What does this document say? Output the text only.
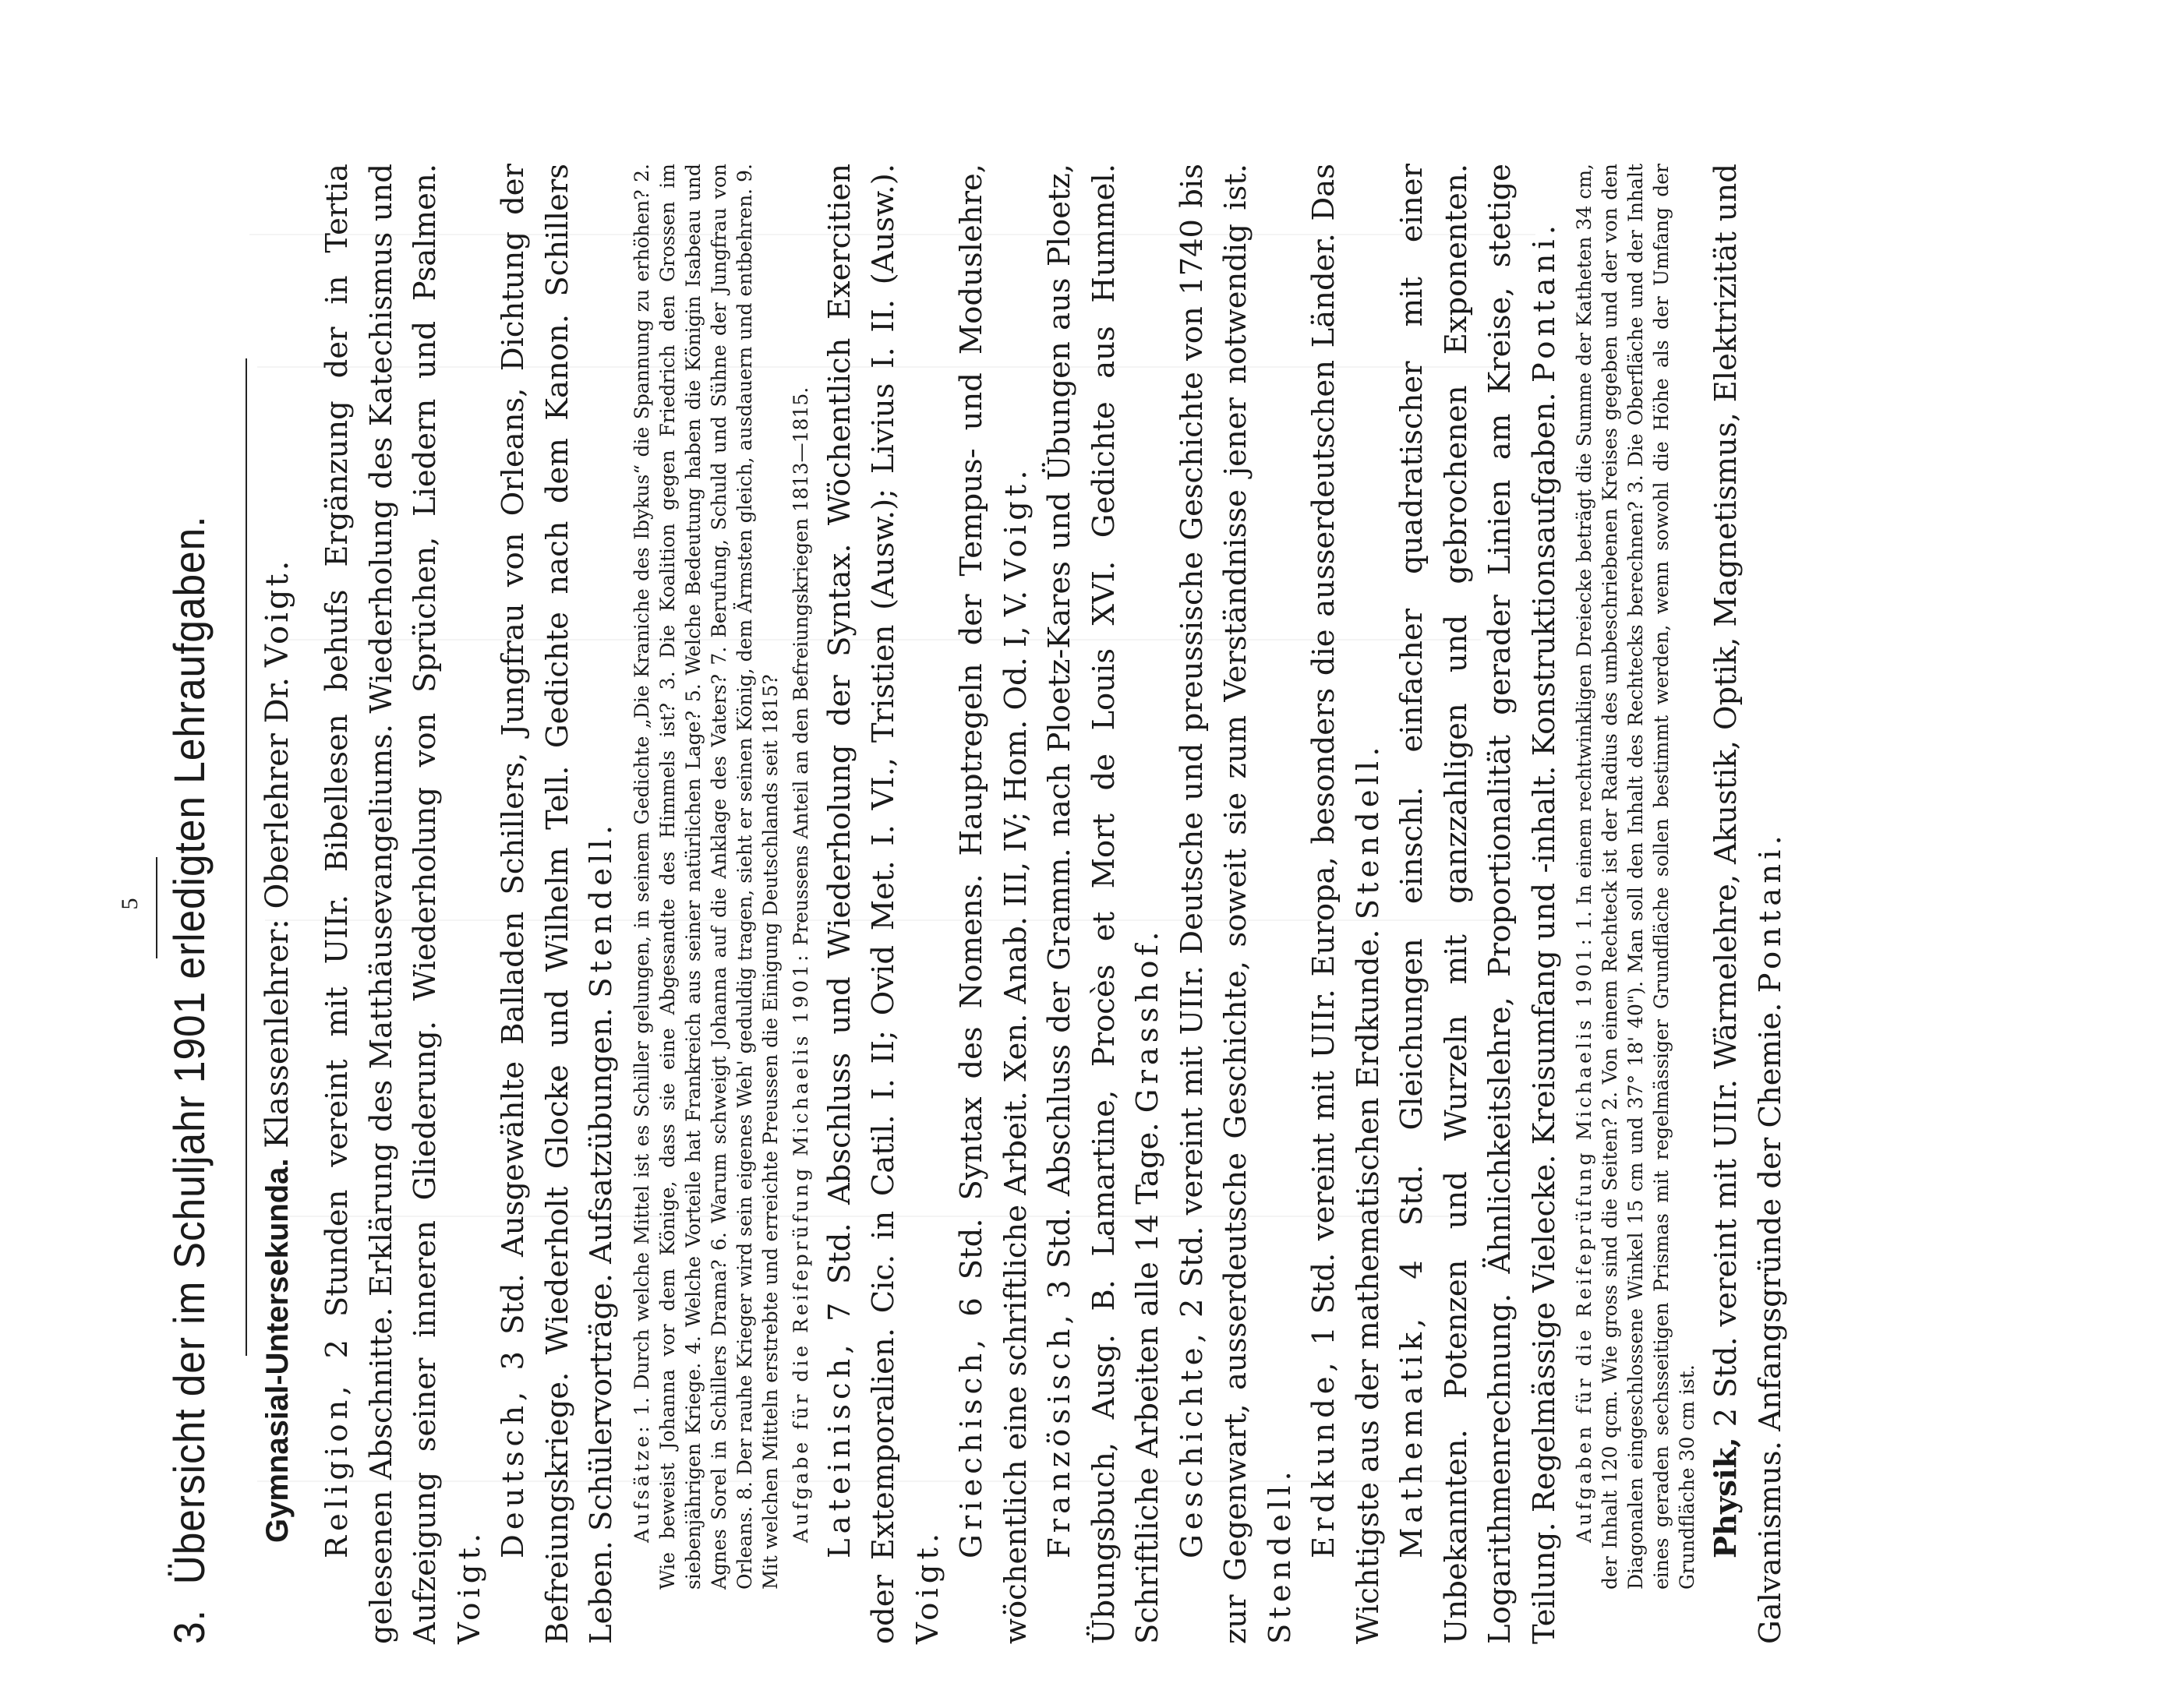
5
3. Übersicht der im Schuljahr 1901 erledigten Lehraufgaben. Gymnasial-Untersekunda. Klassenlehrer: Oberlehrer Dr. Voigt.

Religion, 2 Stunden vereint mit UIIr. Bibellesen behufs Ergänzung der in Tertia gelesenen Abschnitte. Erklärung des Matthäusevangeliums. Wiederholung des Katechismus und Aufzeigung seiner inneren Gliederung. Wiederholung von Sprüchen, Liedern und Psalmen. Voigt.

Deutsch, 3 Std. Ausgewählte Balladen Schillers, Jungfrau von Orleans, Dichtung der Befreiungskriege. Wiederholt Glocke und Wilhelm Tell. Gedichte nach dem Kanon. Schillers Leben. Schülervorträge. Aufsatzübungen. Stendell.

Aufsätze: 1. Durch welche Mittel ist es Schiller gelungen, in seinem Gedichte „Die Kraniche des Ibykus“ die Spannung zu erhöhen? 2. Wie beweist Johanna vor dem Könige, dass sie eine Abgesandte des Himmels ist? 3. Die Koalition gegen Friedrich den Grossen im siebenjährigen Kriege. 4. Welche Vorteile hat Frankreich aus seiner natürlichen Lage? 5. Welche Bedeutung haben die Königin Isabeau und Agnes Sorel in Schillers Drama? 6. Warum schweigt Johanna auf die Anklage des Vaters? 7. Berufung, Schuld und Sühne der Jungfrau von Orleans. 8. Der rauhe Krieger wird sein eigenes Weh' geduldig tragen, sieht er seinen König, dem Ärmsten gleich, ausdauern und entbehren. 9. Mit welchen Mitteln erstrebte und erreichte Preussen die Einigung Deutschlands seit 1815? Aufgabe für die Reifeprüfung Michaelis 1901: Preussens Anteil an den Befreiungskriegen 1813—1815.

Lateinisch, 7 Std. Abschluss und Wiederholung der Syntax. Wöchentlich Exercitien oder Extemporalien. Cic. in Catil. I. II; Ovid Met. I. VI., Tristien (Ausw.); Livius I. II. (Ausw.). Voigt.

Griechisch, 6 Std. Syntax des Nomens. Hauptregeln der Tempus- und Moduslehre, wöchentlich eine schriftliche Arbeit. Xen. Anab. III, IV; Hom. Od. I, V. Voigt.

Französisch, 3 Std. Abschluss der Gramm. nach Ploetz-Kares und Übungen aus Ploetz, Übungsbuch, Ausg. B. Lamartine, Procès et Mort de Louis XVI. Gedichte aus Hummel. Schriftliche Arbeiten alle 14 Tage. Grasshof.

Geschichte, 2 Std. vereint mit UIIr. Deutsche und preussische Geschichte von 1740 bis zur Gegenwart, ausserdeutsche Geschichte, soweit sie zum Verständnisse jener notwendig ist. Stendell. Erdkunde, 1 Std. vereint mit UIIr. Europa, besonders die ausserdeutschen Länder. Das Wichtigste aus der mathematischen Erdkunde. Stendell.

Mathematik, 4 Std. Gleichungen einschl. einfacher quadratischer mit einer Unbekannten. Potenzen und Wurzeln mit ganzzahligen und gebrochenen Exponenten. Logarithmenrechnung. Ähnlichkeitslehre, Proportionalität gerader Linien am Kreise, stetige Teilung. Regelmässige Vielecke. Kreisumfang und -inhalt. Konstruktionsaufgaben. Pontani.

Aufgaben für die Reifeprüfung Michaelis 1901: 1. In einem rechtwinkligen Dreiecke beträgt die Summe der Katheten 34 cm, der Inhalt 120 qcm. Wie gross sind die Seiten? 2. Von einem Rechteck ist der Radius des umbeschriebenen Kreises gegeben und der von den Diagonalen eingeschlossene Winkel 15 cm und 37° 18' 40"). Man soll den Inhalt des Rechtecks berechnen? 3. Die Oberfläche und der Inhalt eines geraden sechsseitigen Prismas mit regelmässiger Grundfläche sollen bestimmt werden, wenn sowohl die Höhe als der Umfang der Grundfläche 30 cm ist. Physik, 2 Std. vereint mit UIIr. Wärmelehre, Akustik, Optik, Magnetismus, Elektrizität und Galvanismus. Anfangsgründe der Chemie. Pontani.
